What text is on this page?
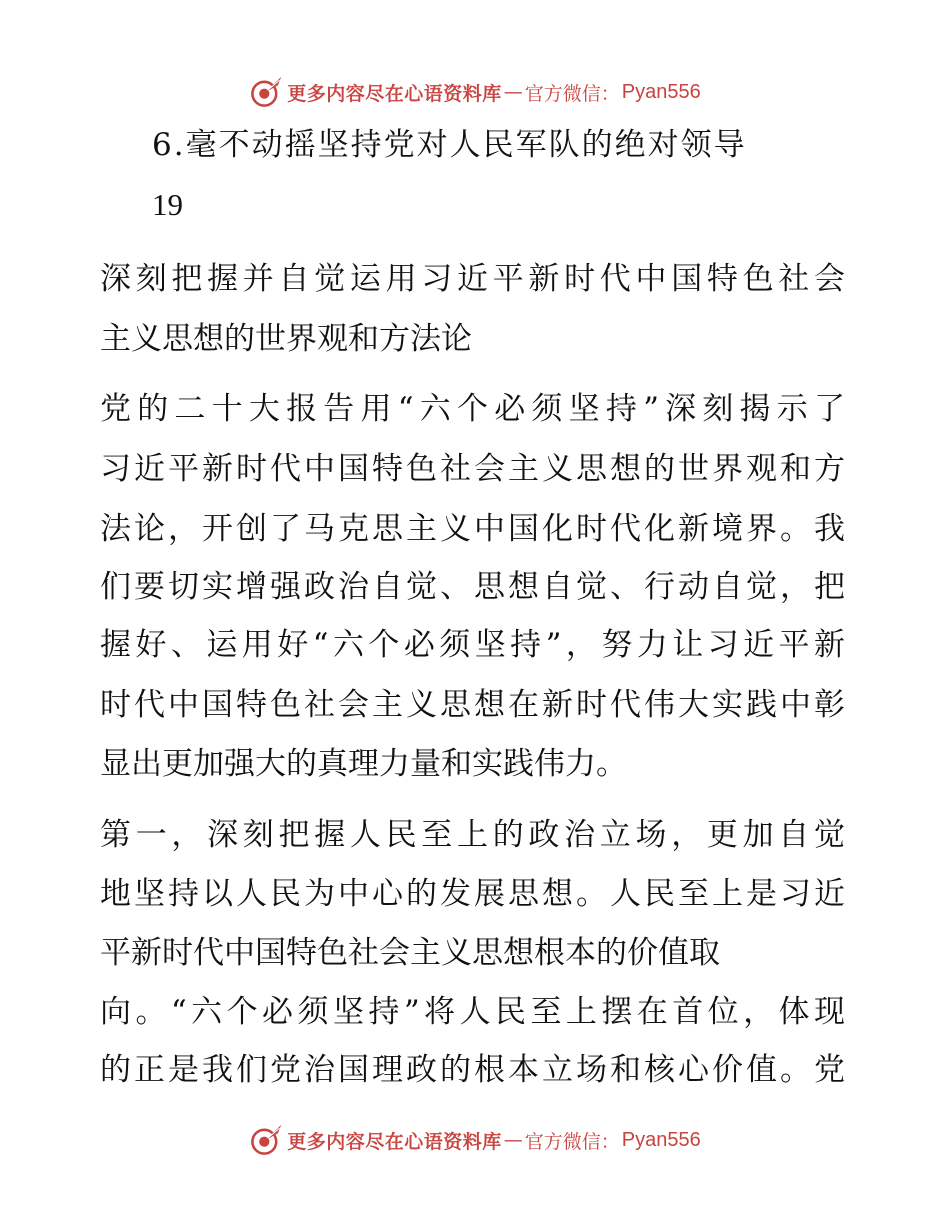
更多内容尽在心语资料库 — 官方微信： Pyan556
6.毫不动摇坚持党对人民军队的绝对领导
19
深刻把握并自觉运用习近平新时代中国特色社会
主义思想的世界观和方法论
党的二十大报告用“六个必须坚持”深刻揭示了
习近平新时代中国特色社会主义思想的世界观和方
法论，开创了马克思主义中国化时代化新境界。我
们要切实增强政治自觉、思想自觉、行动自觉，把
握好、运用好“六个必须坚持”，努力让习近平新
时代中国特色社会主义思想在新时代伟大实践中彰
显出更加强大的真理力量和实践伟力。
第一，深刻把握人民至上的政治立场，更加自觉
地坚持以人民为中心的发展思想。人民至上是习近
平新时代中国特色社会主义思想根本的价值取
向。“六个必须坚持”将人民至上摆在首位，体现
的正是我们党治国理政的根本立场和核心价值。党
更多内容尽在心语资料库 — 官方微信： Pyan556
